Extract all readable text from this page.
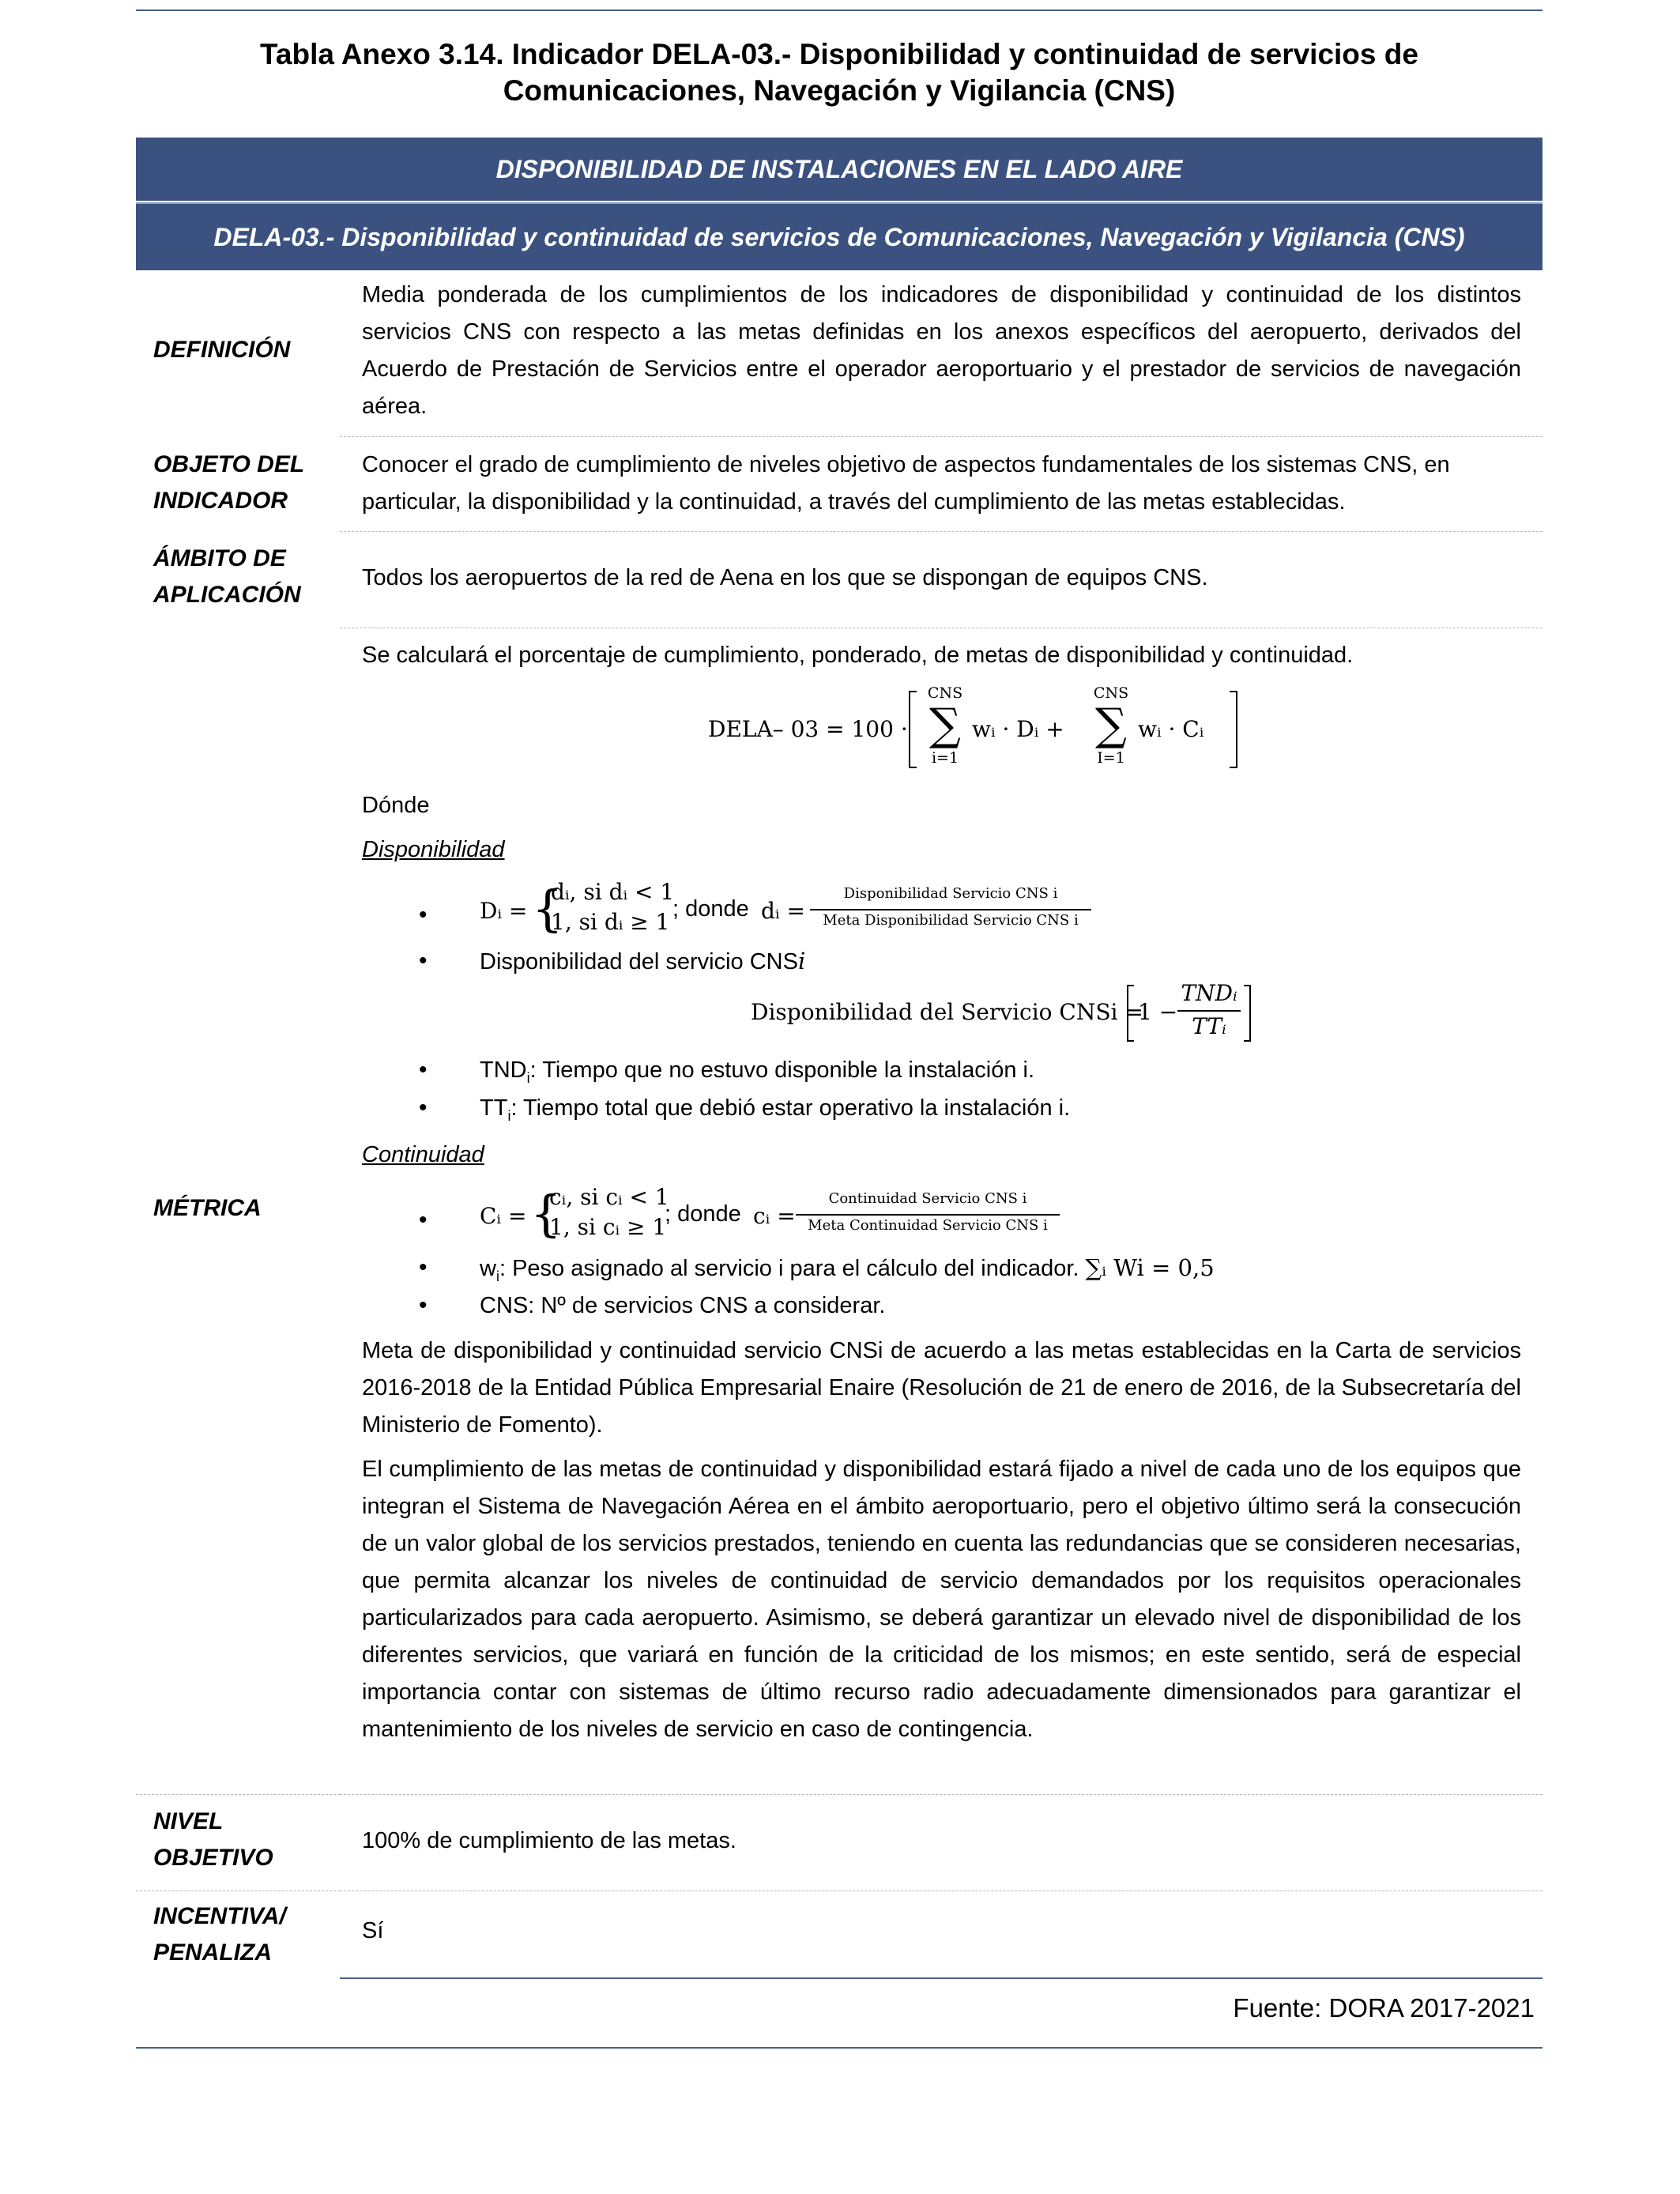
Tabla Anexo 3.14. Indicador DELA-03.- Disponibilidad y continuidad de servicios de
Comunicaciones, Navegación y Vigilancia (CNS)
DISPONIBILIDAD DE INSTALACIONES EN EL LADO AIRE
DELA-03.- Disponibilidad y continuidad de servicios de Comunicaciones, Navegación y Vigilancia (CNS)
DEFINICIÓN
Media ponderada de los cumplimientos de los indicadores de disponibilidad y continuidad de los distintos servicios CNS con respecto a las metas definidas en los anexos específicos del aeropuerto, derivados del Acuerdo de Prestación de Servicios entre el operador aeroportuario y el prestador de servicios de navegación aérea.
OBJETO DEL
INDICADOR
Conocer el grado de cumplimiento de niveles objetivo de aspectos fundamentales de los sistemas CNS, en particular, la disponibilidad y la continuidad, a través del cumplimiento de las metas establecidas.
ÁMBITO DE
APLICACIÓN
Todos los aeropuertos de la red de Aena en los que se dispongan de equipos CNS.
MÉTRICA
Se calculará el porcentaje de cumplimiento, ponderado, de metas de disponibilidad y continuidad.
DELA– 03 = 100 ·
CNS
∑
i=1
wᵢ · Dᵢ +
CNS
∑
I=1
wᵢ · Cᵢ
Dónde
Disponibilidad
• Dᵢ = {
dᵢ, si dᵢ < 1
1, si dᵢ ≥ 1 ; donde dᵢ =
Disponibilidad Servicio CNS i
Meta Disponibilidad Servicio CNS i
• Disponibilidad del servicio CNSi
Disponibilidad del Servicio CNSi =
1 −
TNDᵢ
TTᵢ
• $TND_i$: Tiempo que no estuvo disponible la instalación i.
• $TT_i$: Tiempo total que debió estar operativo la instalación i.
Continuidad
• Cᵢ = {
cᵢ, si cᵢ < 1
1, si cᵢ ≥ 1
; donde cᵢ =
Continuidad Servicio CNS i
Meta Continuidad Servicio CNS i
• $w_i$: Peso asignado al servicio i para el cálculo del indicador. ∑ᵢ Wi = 0,5
• CNS: Nº de servicios CNS a considerar.
Meta de disponibilidad y continuidad servicio CNSi de acuerdo a las metas establecidas en la Carta de servicios 2016-2018 de la Entidad Pública Empresarial Enaire (Resolución de 21 de enero de 2016, de la Subsecretaría del Ministerio de Fomento).
El cumplimiento de las metas de continuidad y disponibilidad estará fijado a nivel de cada uno de los equipos que integran el Sistema de Navegación Aérea en el ámbito aeroportuario, pero el objetivo último será la consecución de un valor global de los servicios prestados, teniendo en cuenta las redundancias que se consideren necesarias, que permita alcanzar los niveles de continuidad de servicio demandados por los requisitos operacionales particularizados para cada aeropuerto. Asimismo, se deberá garantizar un elevado nivel de disponibilidad de los diferentes servicios, que variará en función de la criticidad de los mismos; en este sentido, será de especial importancia contar con sistemas de último recurso radio adecuadamente dimensionados para garantizar el mantenimiento de los niveles de servicio en caso de contingencia.
NIVEL
OBJETIVO
100% de cumplimiento de las metas.
INCENTIVA/
PENALIZA
Sí
Fuente: DORA 2017-2021
